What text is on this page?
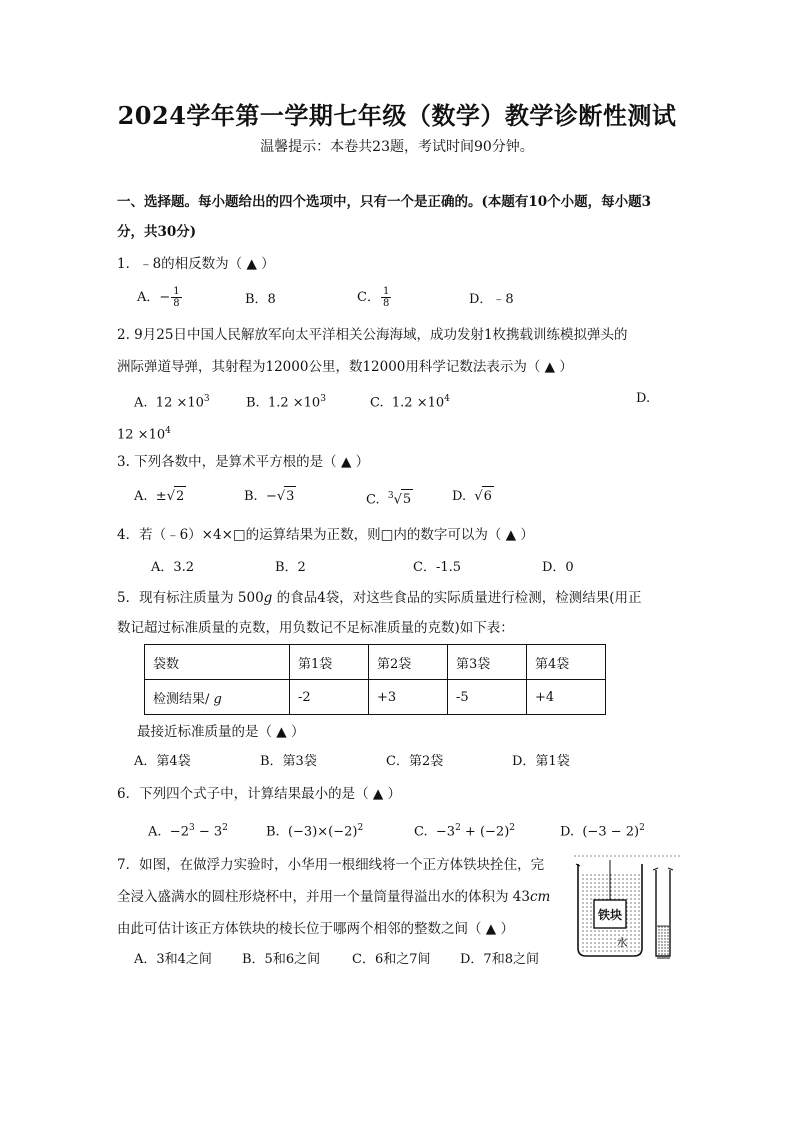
2024学年第一学期七年级（数学）教学诊断性测试
温馨提示：本卷共23题，考试时间90分钟。
一、选择题。每小题给出的四个选项中，只有一个是正确的。(本题有10个小题，每小题3
分，共30分)
1．﹣8的相反数为（ ▲ ）
A．− $\frac{1}{8}$	B．8	C． $\frac{1}{8}$	D．﹣8
2. 9月25日中国人民解放军向太平洋相关公海海域，成功发射1枚携载训练模拟弹头的
洲际弹道导弹，其射程为12000公里，数12000用科学记数法表示为（ ▲ ）
A. $12 \times 10^3$	B. $1.2 \times 10^3$	C. $1.2 \times 10^4$	D.
$12 \times 10^4$
3. 下列各数中，是算术平方根的是（ ▲ ）
A. ±√2	B. −√3	C. $^3$√5	D. √6
4．若（﹣6）×4×□的运算结果为正数，则□内的数字可以为（ ▲ ）
A．3.2	B．2	C．-1.5	D．0
5．现有标注质量为 500g 的食品4袋，对这些食品的实际质量进行检测，检测结果(用正
数记超过标准质量的克数，用负数记不足标准质量的克数)如下表：
袋数	第1袋	第2袋	第3袋	第4袋
检测结果/ g	-2	+3	-5	+4
最接近标准质量的是（ ▲ ）
A．第4袋	B．第3袋	C．第2袋	D．第1袋
6．下列四个式子中，计算结果最小的是（ ▲ ）
A. $-2^3 - 3^2$	B. $(-3)\times(-2)^2$	C. $-3^2 + (-2)^2$	D. $(-3 - 2)^2$
7．如图，在做浮力实验时，小华用一根细线将一个正方体铁块拴住，完
全浸入盛满水的圆柱形烧杯中，并用一个量筒量得溢出水的体积为 43cm
由此可估计该正方体铁块的棱长位于哪两个相邻的整数之间（ ▲ ）
A．3和4之间 B．5和6之间 C．6和之7间 D．7和8之间
铁块
水
